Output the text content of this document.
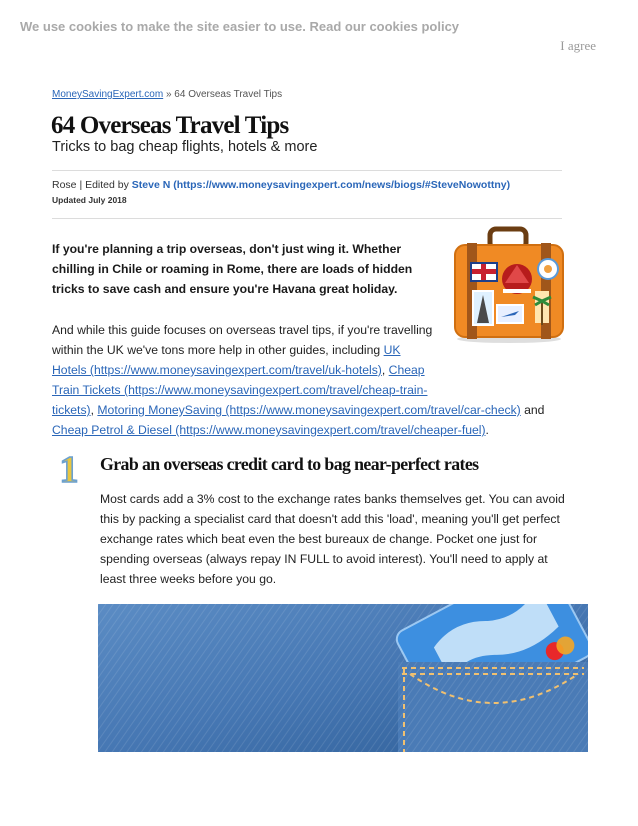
We use cookies to make the site easier to use. Read our cookies policy
I agree
MoneySavingExpert.com » 64 Overseas Travel Tips
64 Overseas Travel Tips
Tricks to bag cheap flights, hotels & more
Rose | Edited by Steve N (https://www.moneysavingexpert.com/news/biogs/#SteveNowottny)
Updated July 2018
If you're planning a trip overseas, don't just wing it. Whether
chilling in Chile or roaming in Rome, there are loads of hidden
tricks to save cash and ensure you're Havana great holiday.
And while this guide focuses on overseas travel tips, if you're travelling
within the UK we've tons more help in other guides, including UK
Hotels (https://www.moneysavingexpert.com/travel/uk-hotels), Cheap
Train Tickets (https://www.moneysavingexpert.com/travel/cheap-train-
tickets), Motoring MoneySaving (https://www.moneysavingexpert.com/travel/car-check) and
Cheap Petrol & Diesel (https://www.moneysavingexpert.com/travel/cheaper-fuel).
1 Grab an overseas credit card to bag near-perfect rates
Most cards add a 3% cost to the exchange rates banks themselves get. You can avoid
this by packing a specialist card that doesn't add this 'load', meaning you'll get perfect
exchange rates which beat even the best bureaux de change. Pocket one just for
spending overseas (always repay IN FULL to avoid interest). You'll need to apply at
least three weeks before you go.
